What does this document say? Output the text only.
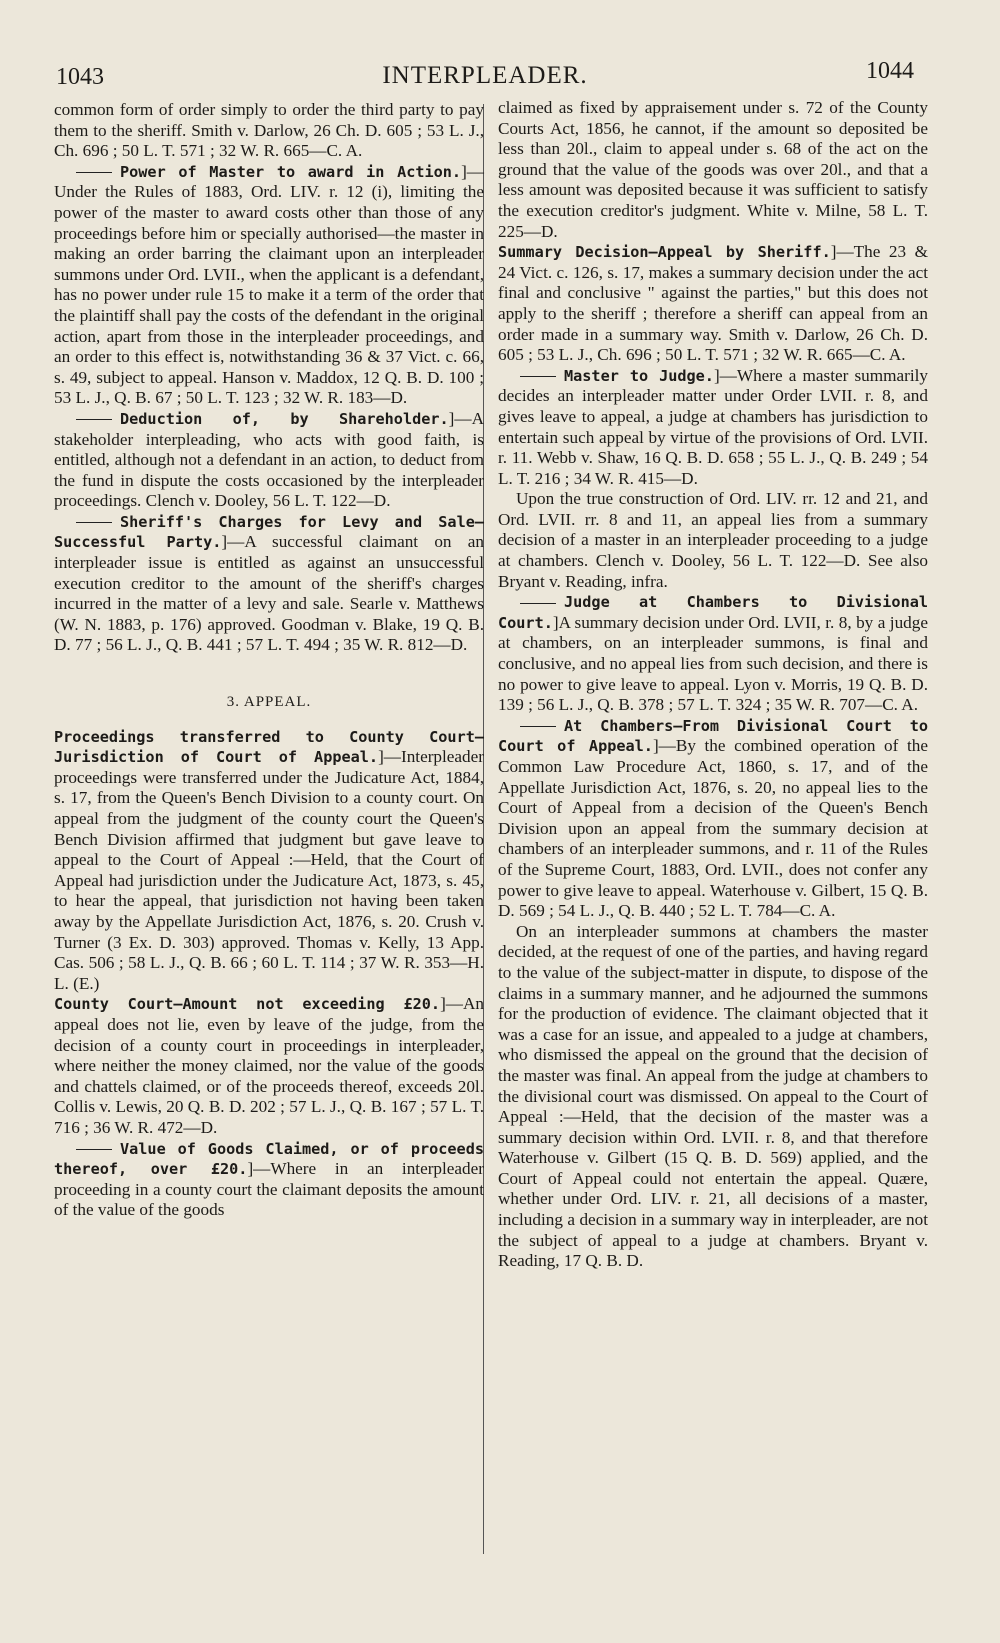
1043	INTERPLEADER.	1044

common form of order simply to order the third party to pay them to the sheriff. Smith v. Darlow, 26 Ch. D. 605 ; 53 L. J., Ch. 696 ; 50 L. T. 571 ; 32 W. R. 665—C. A.

Power of Master to award in Action.]—Under the Rules of 1883, Ord. LIV. r. 12 (i), limiting the power of the master to award costs other than those of any proceedings before him or specially authorised—the master in making an order barring the claimant upon an interpleader summons under Ord. LVII., when the applicant is a defendant, has no power under rule 15 to make it a term of the order that the plaintiff shall pay the costs of the defendant in the original action, apart from those in the interpleader proceedings, and an order to this effect is, notwithstanding 36 & 37 Vict. c. 66, s. 49, subject to appeal. Hanson v. Maddox, 12 Q. B. D. 100 ; 53 L. J., Q. B. 67 ; 50 L. T. 123 ; 32 W. R. 183—D.

Deduction of, by Shareholder.]—A stakeholder interpleading, who acts with good faith, is entitled, although not a defendant in an action, to deduct from the fund in dispute the costs occasioned by the interpleader proceedings. Clench v. Dooley, 56 L. T. 122—D.

Sheriff's Charges for Levy and Sale—Successful Party.]—A successful claimant on an interpleader issue is entitled as against an unsuccessful execution creditor to the amount of the sheriff's charges incurred in the matter of a levy and sale. Searle v. Matthews (W. N. 1883, p. 176) approved. Goodman v. Blake, 19 Q. B. D. 77 ; 56 L. J., Q. B. 441 ; 57 L. T. 494 ; 35 W. R. 812—D.

3. APPEAL.

Proceedings transferred to County Court—Jurisdiction of Court of Appeal.]—Interpleader proceedings were transferred under the Judicature Act, 1884, s. 17, from the Queen's Bench Division to a county court. On appeal from the judgment of the county court the Queen's Bench Division affirmed that judgment but gave leave to appeal to the Court of Appeal :—Held, that the Court of Appeal had jurisdiction under the Judicature Act, 1873, s. 45, to hear the appeal, that jurisdiction not having been taken away by the Appellate Jurisdiction Act, 1876, s. 20. Crush v. Turner (3 Ex. D. 303) approved. Thomas v. Kelly, 13 App. Cas. 506 ; 58 L. J., Q. B. 66 ; 60 L. T. 114 ; 37 W. R. 353—H. L. (E.)

County Court—Amount not exceeding £20.]—An appeal does not lie, even by leave of the judge, from the decision of a county court in proceedings in interpleader, where neither the money claimed, nor the value of the goods and chattels claimed, or of the proceeds thereof, exceeds 20l. Collis v. Lewis, 20 Q. B. D. 202 ; 57 L. J., Q. B. 167 ; 57 L. T. 716 ; 36 W. R. 472—D.

Value of Goods Claimed, or of proceeds thereof, over £20.]—Where in an interpleader proceeding in a county court the claimant deposits the amount of the value of the goods

claimed as fixed by appraisement under s. 72 of the County Courts Act, 1856, he cannot, if the amount so deposited be less than 20l., claim to appeal under s. 68 of the act on the ground that the value of the goods was over 20l., and that a less amount was deposited because it was sufficient to satisfy the execution creditor's judgment. White v. Milne, 58 L. T. 225—D.

Summary Decision—Appeal by Sheriff.]—The 23 & 24 Vict. c. 126, s. 17, makes a summary decision under the act final and conclusive " against the parties," but this does not apply to the sheriff ; therefore a sheriff can appeal from an order made in a summary way. Smith v. Darlow, 26 Ch. D. 605 ; 53 L. J., Ch. 696 ; 50 L. T. 571 ; 32 W. R. 665—C. A.

Master to Judge.]—Where a master summarily decides an interpleader matter under Order LVII. r. 8, and gives leave to appeal, a judge at chambers has jurisdiction to entertain such appeal by virtue of the provisions of Ord. LVII. r. 11. Webb v. Shaw, 16 Q. B. D. 658 ; 55 L. J., Q. B. 249 ; 54 L. T. 216 ; 34 W. R. 415—D.

Upon the true construction of Ord. LIV. rr. 12 and 21, and Ord. LVII. rr. 8 and 11, an appeal lies from a summary decision of a master in an interpleader proceeding to a judge at chambers. Clench v. Dooley, 56 L. T. 122—D. See also Bryant v. Reading, infra.

Judge at Chambers to Divisional Court.]A summary decision under Ord. LVII, r. 8, by a judge at chambers, on an interpleader summons, is final and conclusive, and no appeal lies from such decision, and there is no power to give leave to appeal. Lyon v. Morris, 19 Q. B. D. 139 ; 56 L. J., Q. B. 378 ; 57 L. T. 324 ; 35 W. R. 707—C. A.

At Chambers—From Divisional Court to Court of Appeal.]—By the combined operation of the Common Law Procedure Act, 1860, s. 17, and of the Appellate Jurisdiction Act, 1876, s. 20, no appeal lies to the Court of Appeal from a decision of the Queen's Bench Division upon an appeal from the summary decision at chambers of an interpleader summons, and r. 11 of the Rules of the Supreme Court, 1883, Ord. LVII., does not confer any power to give leave to appeal. Waterhouse v. Gilbert, 15 Q. B. D. 569 ; 54 L. J., Q. B. 440 ; 52 L. T. 784—C. A.

On an interpleader summons at chambers the master decided, at the request of one of the parties, and having regard to the value of the subject-matter in dispute, to dispose of the claims in a summary manner, and he adjourned the summons for the production of evidence. The claimant objected that it was a case for an issue, and appealed to a judge at chambers, who dismissed the appeal on the ground that the decision of the master was final. An appeal from the judge at chambers to the divisional court was dismissed. On appeal to the Court of Appeal :—Held, that the decision of the master was a summary decision within Ord. LVII. r. 8, and that therefore Waterhouse v. Gilbert (15 Q. B. D. 569) applied, and the Court of Appeal could not entertain the appeal. Quære, whether under Ord. LIV. r. 21, all decisions of a master, including a decision in a summary way in interpleader, are not the subject of appeal to a judge at chambers. Bryant v. Reading, 17 Q. B. D.
